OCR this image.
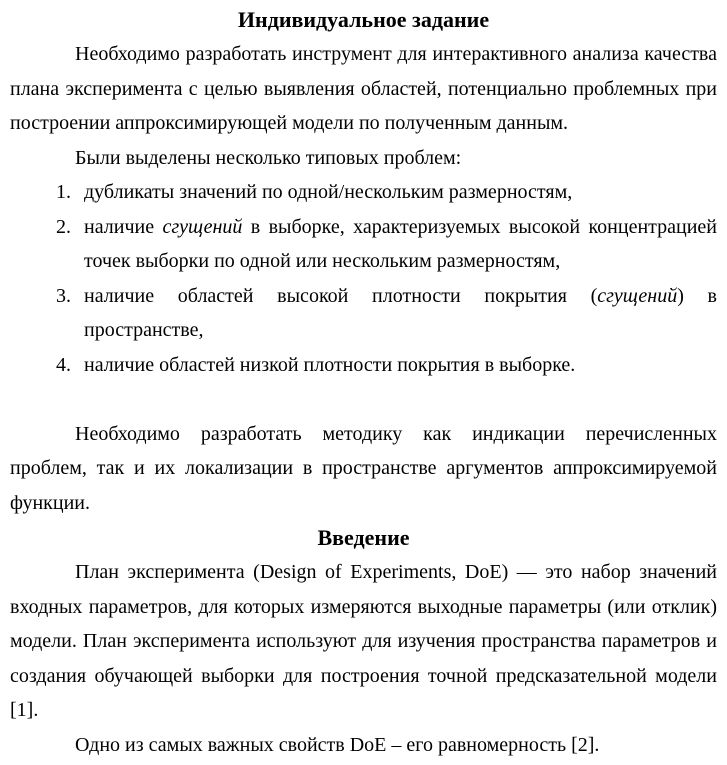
Индивидуальное задание

Необходимо разработать инструмент для интерактивного анализа качества плана эксперимента с целью выявления областей, потенциально проблемных при построении аппроксимирующей модели по полученным данным.

Были выделены несколько типовых проблем:

1. дубликаты значений по одной/нескольким размерностям,
2. наличие сгущений в выборке, характеризуемых высокой концентрацией точек выборки по одной или нескольким размерностям,
3. наличие областей высокой плотности покрытия (сгущений) в пространстве,
4. наличие областей низкой плотности покрытия в выборке.

Необходимо разработать методику как индикации перечисленных проблем, так и их локализации в пространстве аргументов аппроксимируемой функции.

Введение

План эксперимента (Design of Experiments, DoE) — это набор значений входных параметров, для которых измеряются выходные параметры (или отклик) модели. План эксперимента используют для изучения пространства параметров и создания обучающей выборки для построения точной предсказательной модели [1].

Одно из самых важных свойств DoE – его равномерность [2].
